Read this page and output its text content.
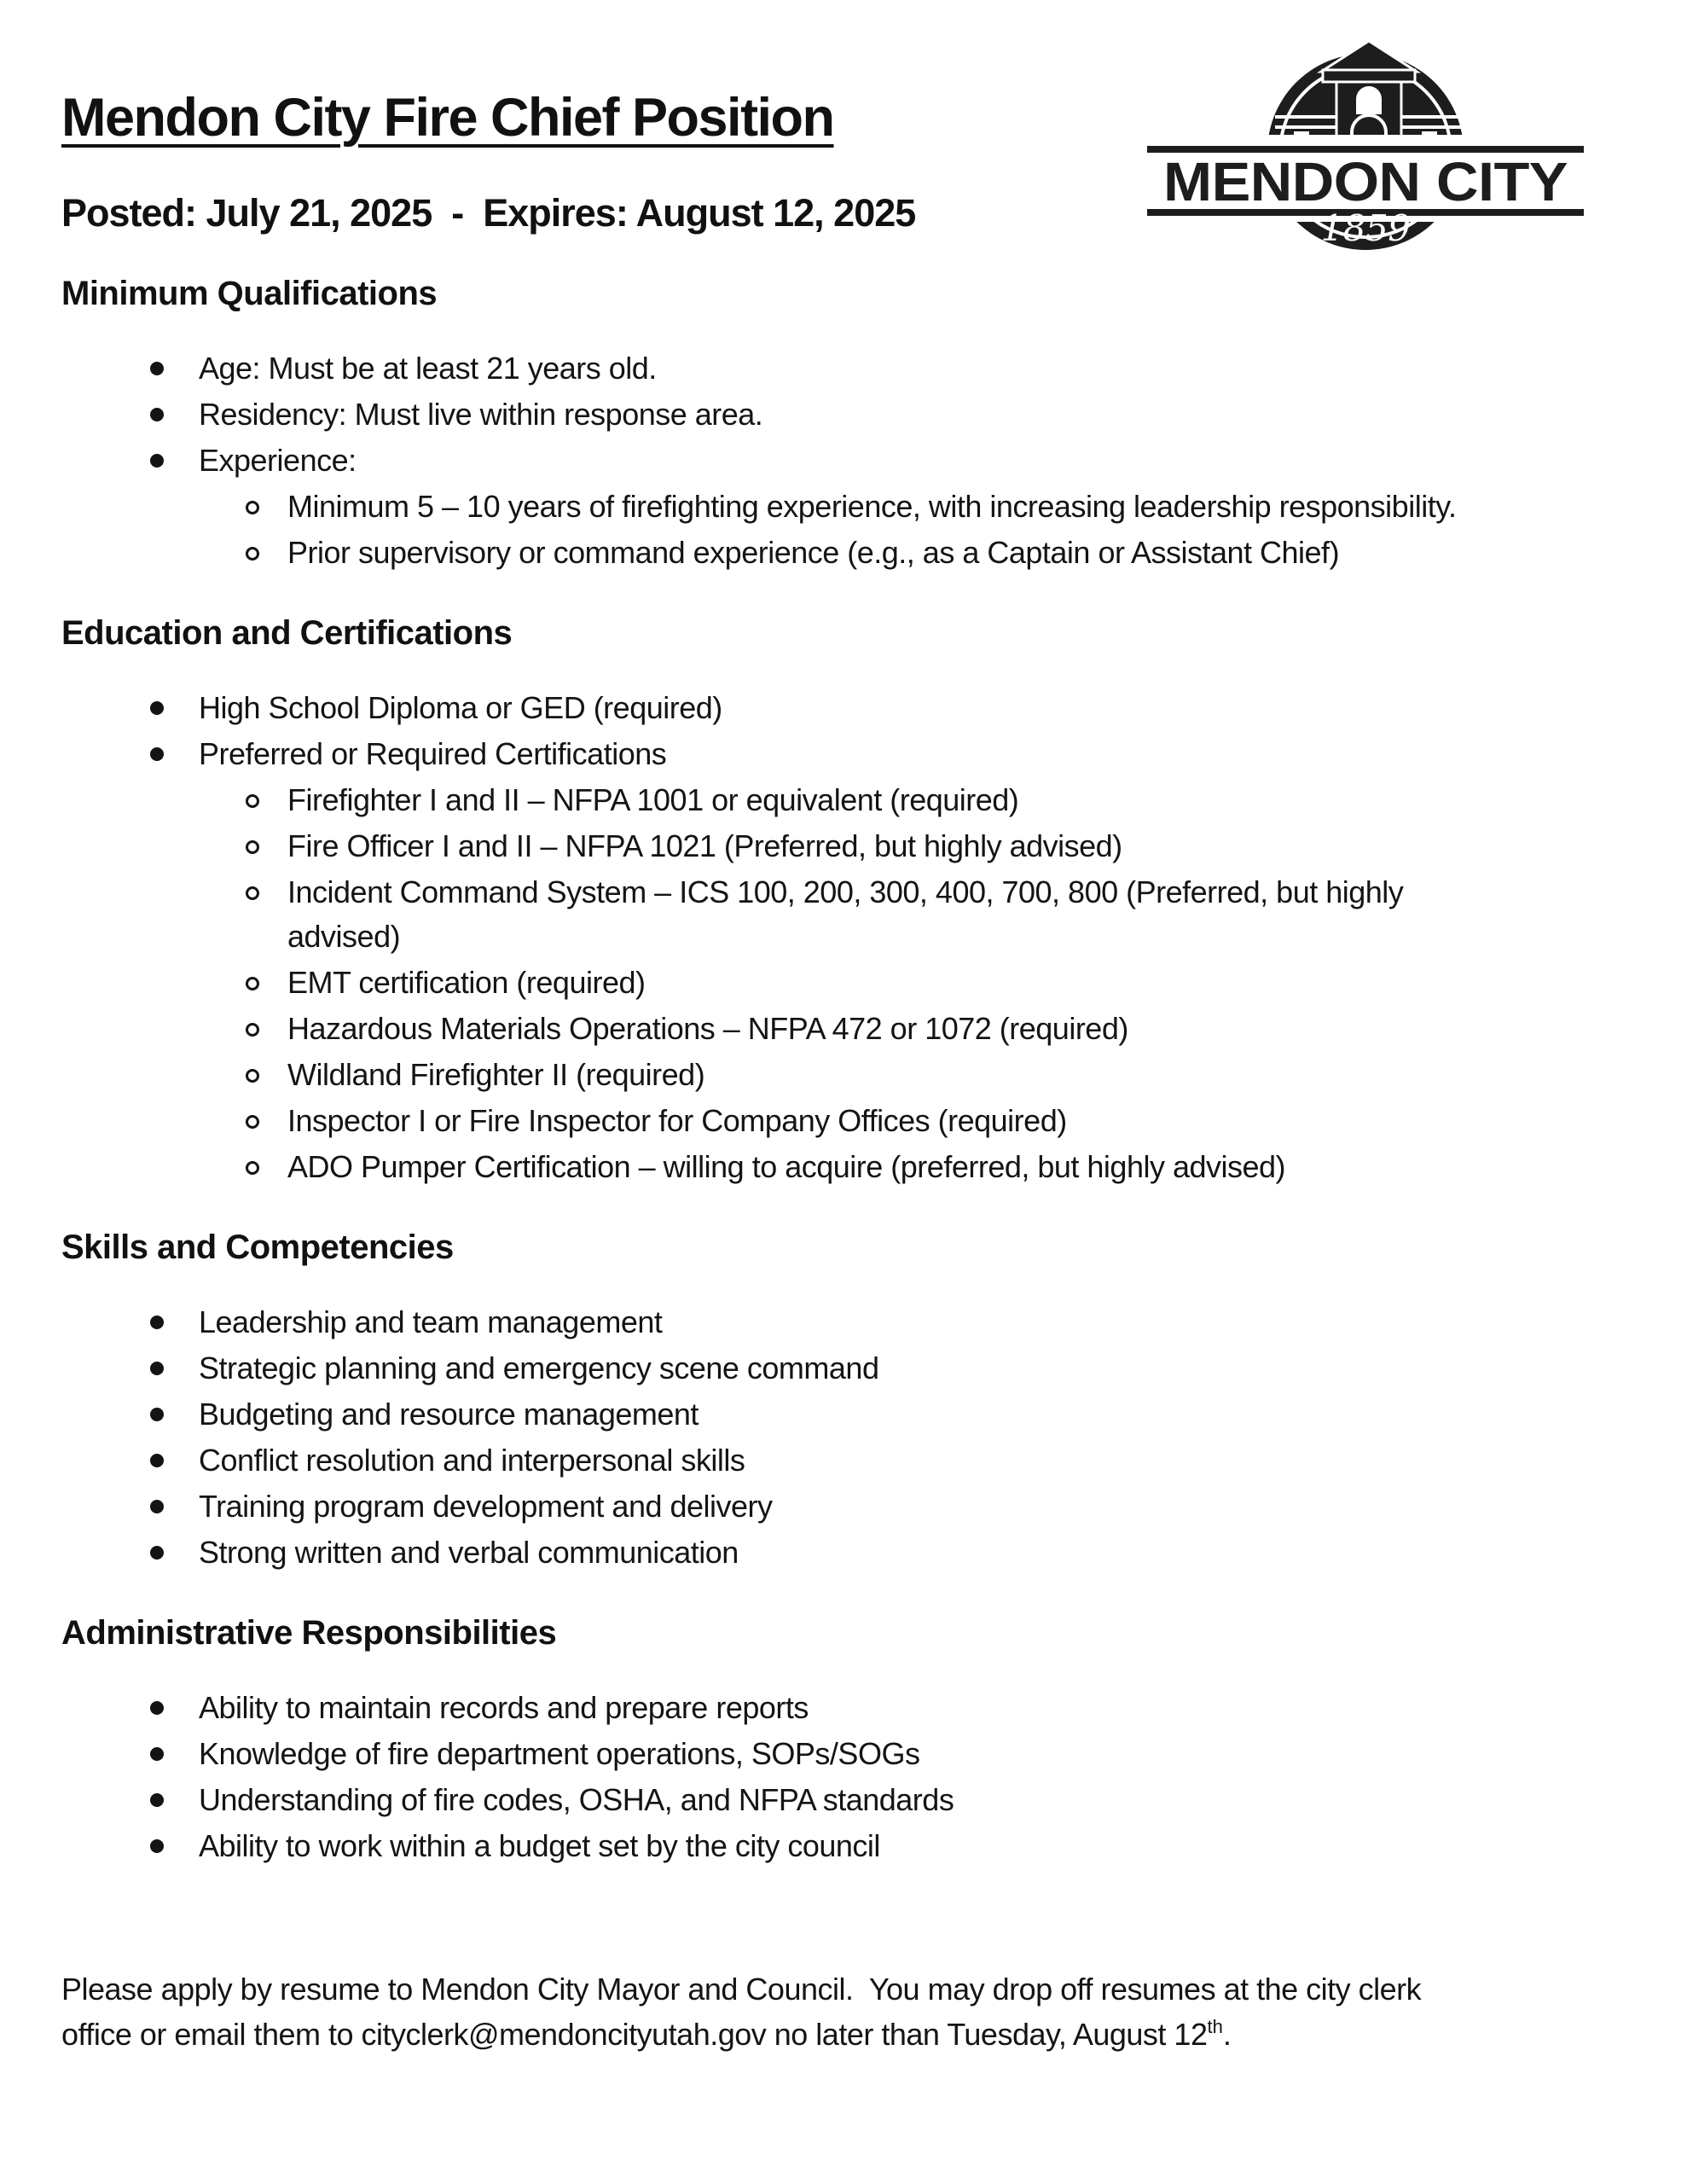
MENDON CITY
1859
Mendon City Fire Chief Position
Posted: July 21, 2025  -  Expires: August 12, 2025
Minimum Qualifications
Age: Must be at least 21 years old.
Residency: Must live within response area.
Experience:
Minimum 5 – 10 years of firefighting experience, with increasing leadership responsibility.
Prior supervisory or command experience (e.g., as a Captain or Assistant Chief)
Education and Certifications
High School Diploma or GED (required)
Preferred or Required Certifications
Firefighter I and II – NFPA 1001 or equivalent (required)
Fire Officer I and II – NFPA 1021 (Preferred, but highly advised)
Incident Command System – ICS 100, 200, 300, 400, 700, 800 (Preferred, but highly
advised)
EMT certification (required)
Hazardous Materials Operations – NFPA 472 or 1072 (required)
Wildland Firefighter II (required)
Inspector I or Fire Inspector for Company Offices (required)
ADO Pumper Certification – willing to acquire (preferred, but highly advised)
Skills and Competencies
Leadership and team management
Strategic planning and emergency scene command
Budgeting and resource management
Conflict resolution and interpersonal skills
Training program development and delivery
Strong written and verbal communication
Administrative Responsibilities
Ability to maintain records and prepare reports
Knowledge of fire department operations, SOPs/SOGs
Understanding of fire codes, OSHA, and NFPA standards
Ability to work within a budget set by the city council

Please apply by resume to Mendon City Mayor and Council.  You may drop off resumes at the city clerk
office or email them to cityclerk@mendoncityutah.gov no later than Tuesday, August 12th.
